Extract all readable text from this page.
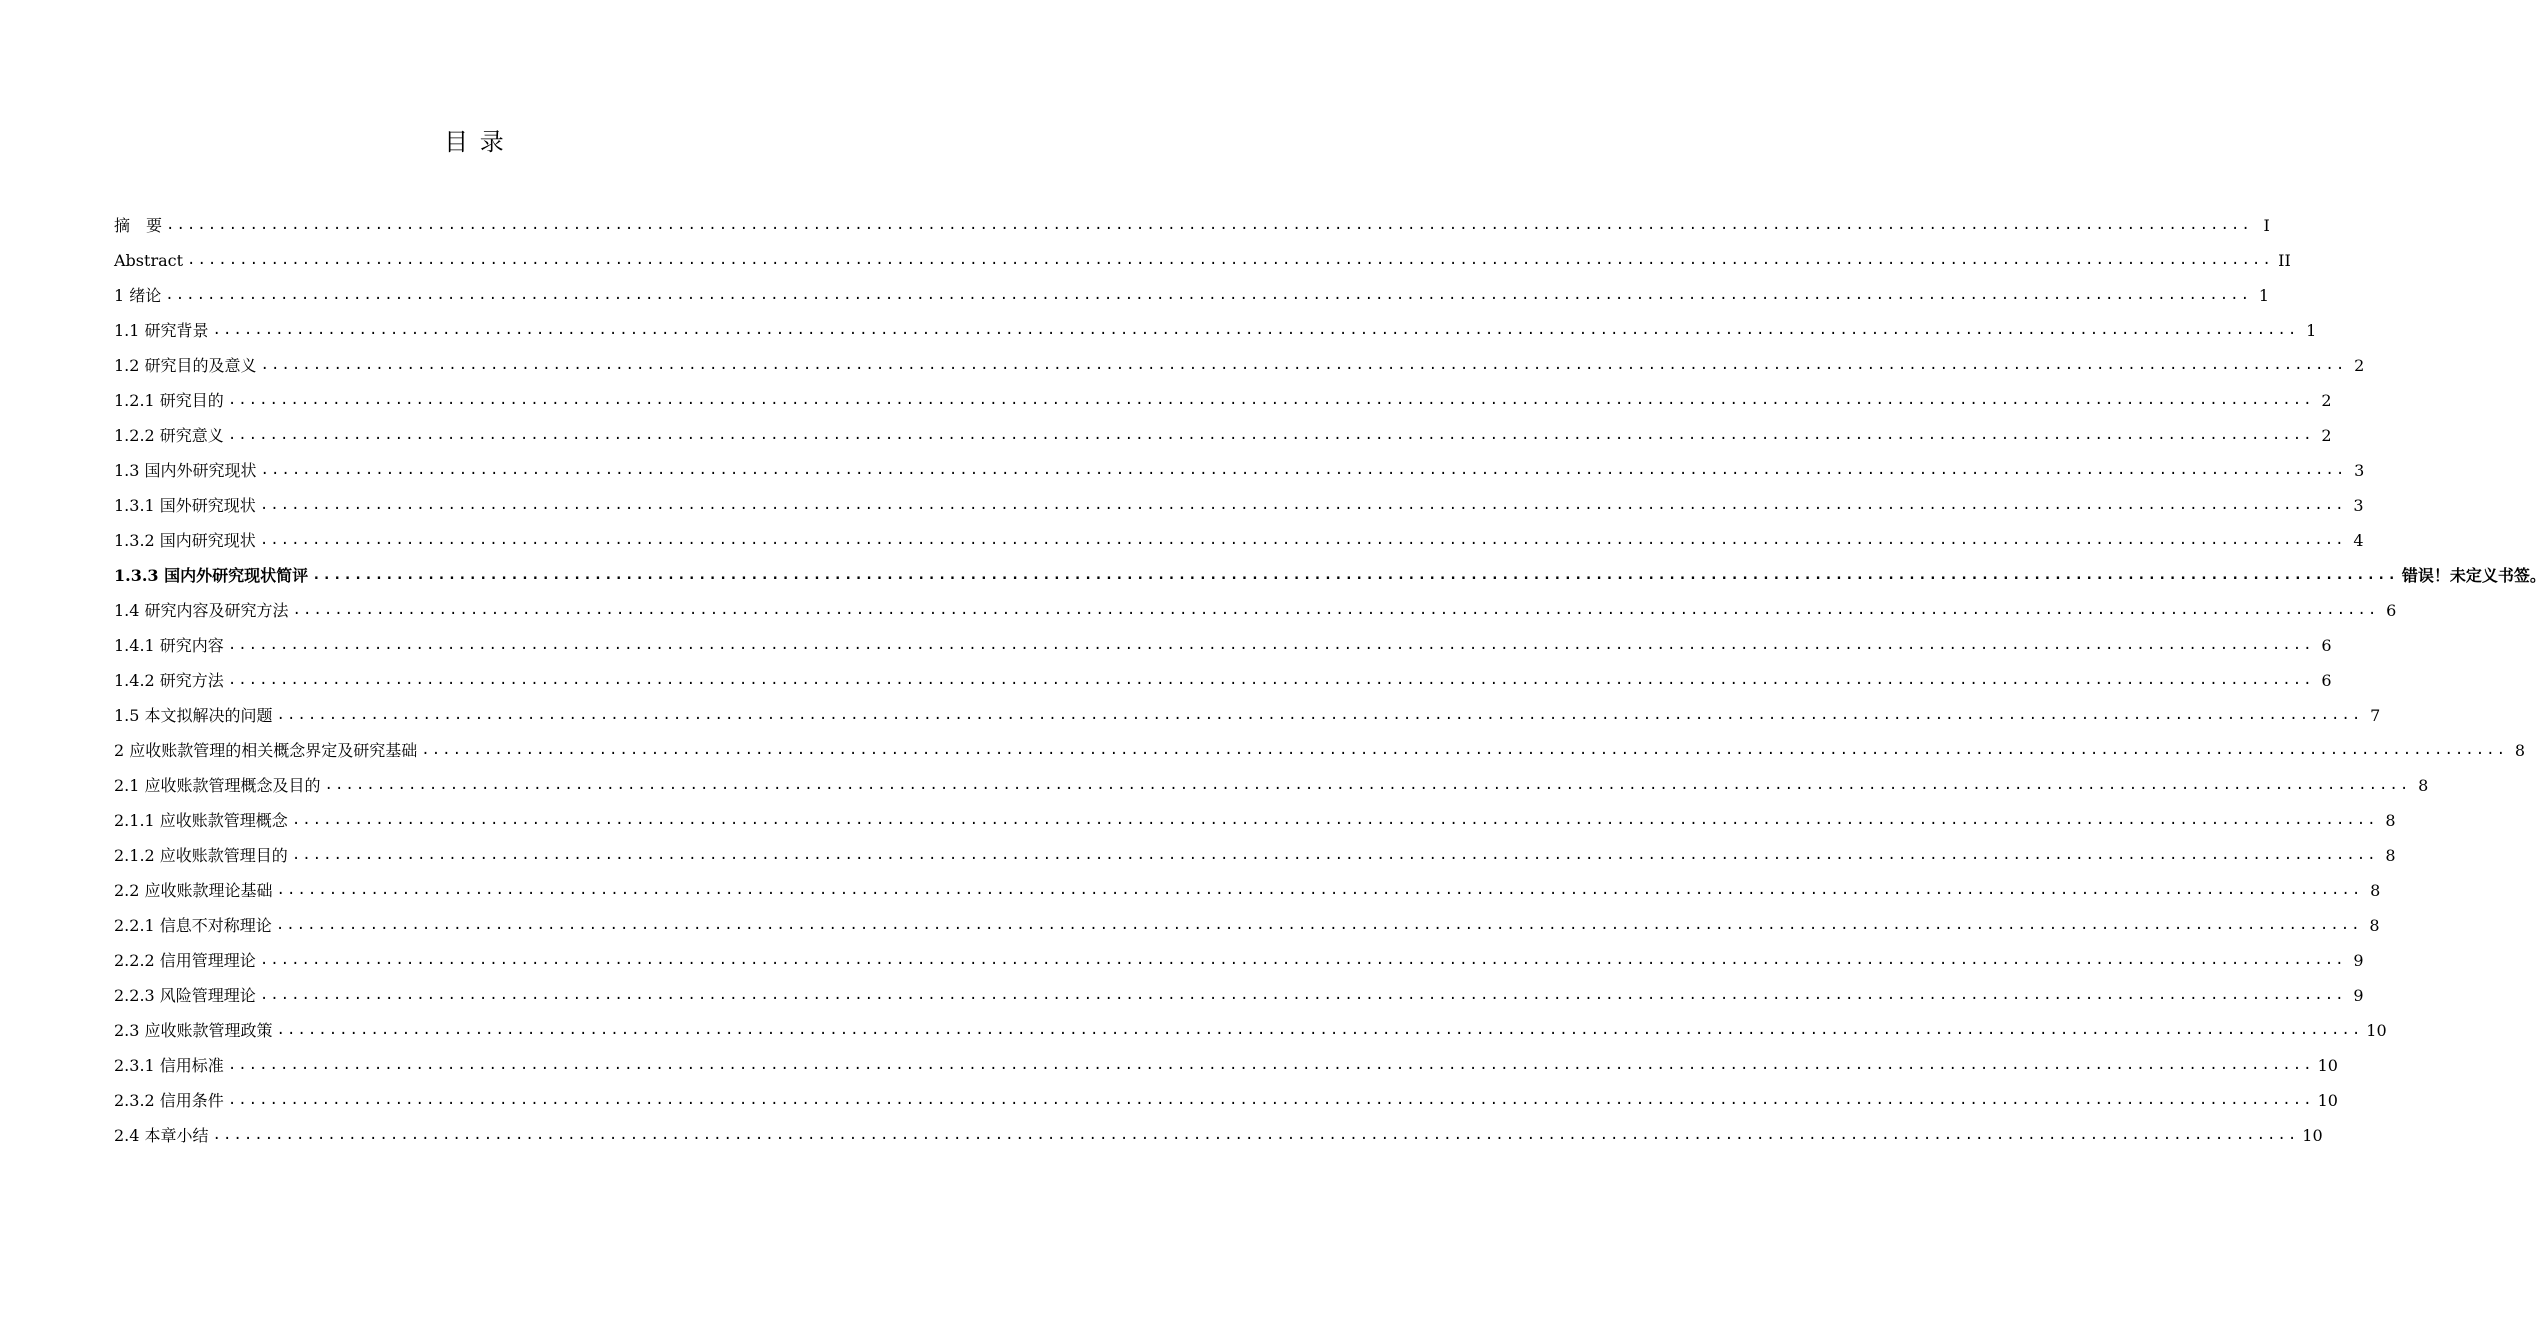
目 录
摘　要 ........................................................................................................................................................................................................ I
Abstract ........................................................................................................................................................................................................ II
1 绪论 ........................................................................................................................................................................................................ 1
1.1 研究背景 ........................................................................................................................................................................................................ 1
1.2 研究目的及意义 ........................................................................................................................................................................................................ 2
1.2.1 研究目的 ........................................................................................................................................................................................................ 2
1.2.2 研究意义 ........................................................................................................................................................................................................ 2
1.3 国内外研究现状 ........................................................................................................................................................................................................ 3
1.3.1 国外研究现状 ........................................................................................................................................................................................................ 3
1.3.2 国内研究现状 ........................................................................................................................................................................................................ 4
1.3.3 国内外研究现状简评 ........................................................................................................................................................................................................ 错误！未定义书签。
1.4 研究内容及研究方法 ........................................................................................................................................................................................................ 6
1.4.1 研究内容 ........................................................................................................................................................................................................ 6
1.4.2 研究方法 ........................................................................................................................................................................................................ 6
1.5 本文拟解决的问题 ........................................................................................................................................................................................................ 7
2 应收账款管理的相关概念界定及研究基础 ........................................................................................................................................................................................................ 8
2.1 应收账款管理概念及目的 ........................................................................................................................................................................................................ 8
2.1.1 应收账款管理概念 ........................................................................................................................................................................................................ 8
2.1.2 应收账款管理目的 ........................................................................................................................................................................................................ 8
2.2 应收账款理论基础 ........................................................................................................................................................................................................ 8
2.2.1 信息不对称理论 ........................................................................................................................................................................................................ 8
2.2.2 信用管理理论 ........................................................................................................................................................................................................ 9
2.2.3 风险管理理论 ........................................................................................................................................................................................................ 9
2.3 应收账款管理政策 ........................................................................................................................................................................................................ 10
2.3.1 信用标准 ........................................................................................................................................................................................................ 10
2.3.2 信用条件 ........................................................................................................................................................................................................ 10
2.4 本章小结 ........................................................................................................................................................................................................ 10
